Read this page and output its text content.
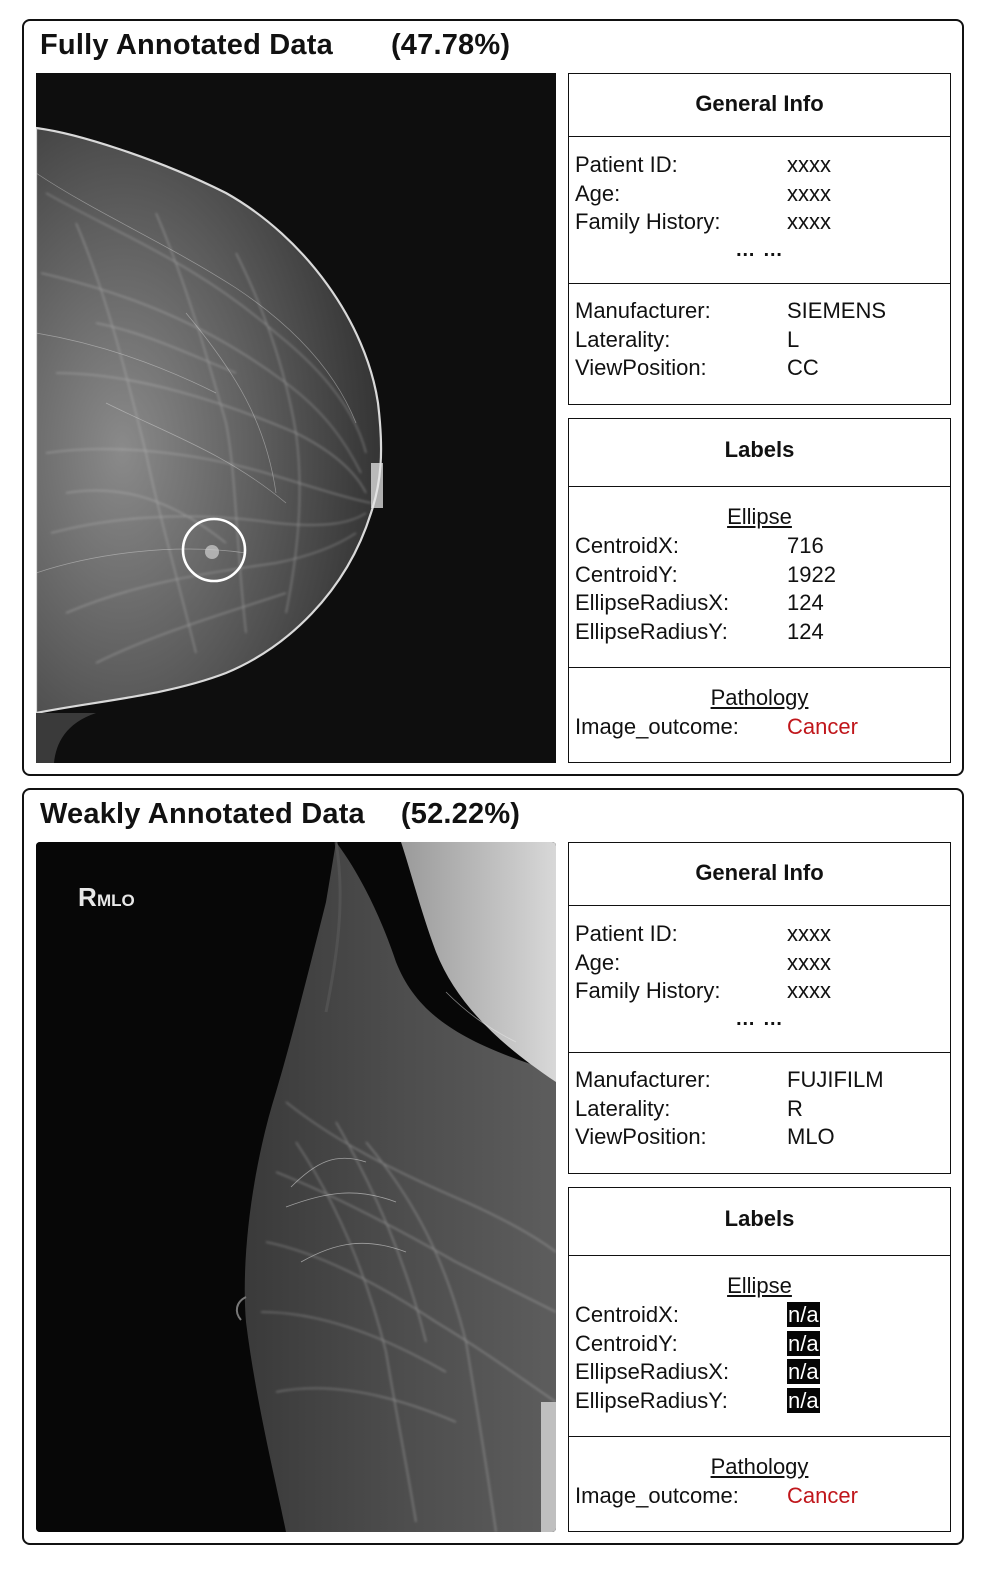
Fully Annotated Data (47.78%)
General Info
Patient ID:	xxxx
Age:	xxxx
Family History:	xxxx
… …
Manufacturer:	SIEMENS
Laterality:	L
ViewPosition:	CC
Labels
Ellipse
CentroidX:	716
CentroidY:	1922
EllipseRadiusX:	124
EllipseRadiusY:	124
Pathology
Image_outcome: Cancer
Weakly Annotated Data (52.22%)
R MLO
General Info
Patient ID:	xxxx
Age:	xxxx
Family History:	xxxx
… …
Manufacturer:	FUJIFILM
Laterality:	R
ViewPosition:	MLO
Labels
Ellipse
CentroidX:	n/a
CentroidY:	n/a
EllipseRadiusX:	n/a
EllipseRadiusY:	n/a
Pathology
Image_outcome: Cancer
